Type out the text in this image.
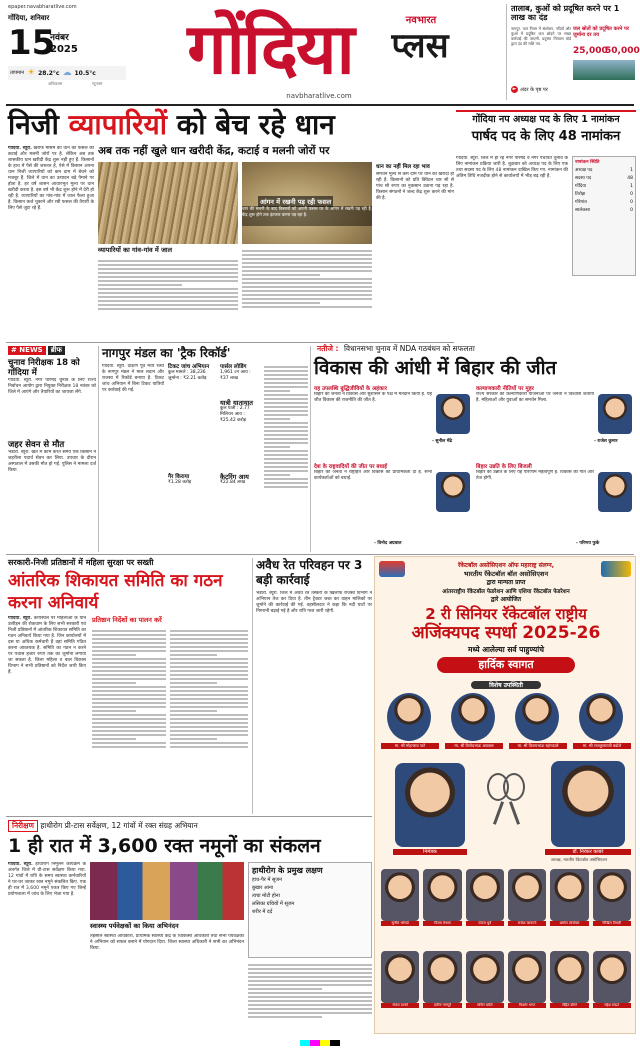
epaper.navabharatlive.com
गोंदिया, शनिवार
15
नवंबर
2025
तापमान ☀ 28.2°c ☁ 10.5°c
अधिकतम	न्यूनतम	गोंदिया	नवभारत
प्लस
navbharatlive.com
तालाब, कुओं को प्रदूषित करने पर 1 लाख का दंड
नागपुर. जल नियम में संशोधन, नदियों और कुओं में प्रदूषित जल छोड़ने पर सख्त कार्रवाई की जाएगी. प्रदूषण नियंत्रण बोर्ड द्वारा दंड की राशि तय.
जल स्रोतों को प्रदूषित करने पर जुर्माना दर तय
25,000
50,000
► अंदर के पृष्ठ पर
गोंदिया नप अध्यक्ष पद के लिए 1 नामांकन
पार्षद पद के लिए 48 नामांकन
गोंदिया. ब्यूरो. जिले में हो रहे नगर परिषद व नगर पंचायत चुनाव के लिए नामांकन प्रक्रिया जारी है. शुक्रवार को अध्यक्ष पद के लिए एक तथा सदस्य पद के लिए 48 नामांकन दाखिल किए गए. नामांकन की अंतिम तिथि नजदीक होने से कार्यालयों में भीड़ बढ़ रही है.
नामांकन स्थिति
अध्यक्ष पद	1
सदस्य पद	48
गोंदिया	1
तिरोड़ा	0
गोरेगांव	0
सालेकसा	0
निजी व्यापारियों को बेच रहे धान
अब तक नहीं खुले धान खरीदी केंद्र, कटाई व मलनी जोरों पर
गोंदिया. ब्यूरो. खरीफ मौसम की धान की फसल की कटाई और मलनी जोरों पर है. लेकिन अब तक शासकीय धान खरीदी केंद्र शुरू नहीं हुए हैं. किसानों के हाथ में पैसे की जरूरत है, ऐसे में किसान अपना धान निजी व्यापारियों को कम दाम में बेचने को मजबूर हैं. जिले में धान का उत्पादन बड़े पैमाने पर होता है. हर वर्ष शासन आधारभूत मूल्य पर धान खरीदी करता है. इस वर्ष भी केंद्र शुरू होने में देरी हो रही है. व्यापारियों का गांव-गांव में जाल फैला हुआ है. किसान कर्ज चुकाने और रबी फसल की तैयारी के लिए पैसे जुटा रहे हैं.
व्यापारियों का गांव-गांव में जाल
आंगन में रखनी पड़ रही फसल
धान की मलनी के बाद किसानों को अपनी फसल घर के आंगन में रखनी पड़ रही है. केंद्र शुरू होने तक इंतजार करना पड़ रहा है.
धान का नहीं मिल रहा भाव
समर्थन मूल्य से कम दाम पर धान की खरीदी हो रही है. किसानों को प्रति क्विंटल चार सौ से पांच सौ रुपए का नुकसान उठाना पड़ रहा है. किसान संगठनों ने जल्द केंद्र शुरू करने की मांग की है.
# NEWS	ब्रीफ
चुनाव निरीक्षक 18 को गोंदिया में
गोंदिया. ब्यूरो. नगर परिषद चुनाव के लिए राज्य निर्वाचन आयोग द्वारा नियुक्त निरीक्षक 18 नवंबर को जिले में आएंगे और तैयारियों का जायजा लेंगे.
जहर सेवन से मौत
भंडारा. ब्यूरो. खेत में काम करते समय एक किसान ने जहरीला पदार्थ सेवन कर लिया. उपचार के दौरान अस्पताल में उसकी मौत हो गई. पुलिस ने मामला दर्ज किया.
नागपुर मंडल का 'ट्रैक रिकॉर्ड'
गोंदिया. ब्यूरो. दक्षिण पूर्व मध्य रेलवे के नागपुर मंडल ने माल लदान और राजस्व में रिकॉर्ड बनाया है. टिकट जांच अभियान में बिना टिकट यात्रियों पर कार्रवाई की गई.
टिकट जांच अभियान
कुल मामले : 38,236 जुर्माना : ₹2.21 करोड़
पार्सल लोडिंग
1,961 टन आय : ₹37 लाख
यात्री यातायात
कुल यात्री : 2.77 मिलियन आय : ₹25.42 करोड़
कैटरिंग आय
₹22.84 लाख
गैर किराया
₹1.28 करोड़
नतीजे : विधानसभा चुनाव में NDA गठबंधन को सफलता
विकास की आंधी में बिहार की जीत
यह उपलब्धि बुद्धिजीवियों के अहंकार
बिहार की जनता ने विकास और सुशासन के पक्ष में मतदान किया है. यह जीत विकास की राजनीति की जीत है.
- सुनील मेंढे
कल्याणकारी नीतियों पर मुहर
राज्य सरकार की कल्याणकारी योजनाओं पर जनता ने विश्वास जताया है. महिलाओं और युवाओं का समर्थन मिला.
- राजेश कुमार
देश के राष्ट्रवादियों की जीत पर बधाई
बिहार की जनता ने राष्ट्रहित और विकास को प्राथमिकता दी है. सभी कार्यकर्ताओं को बधाई.
- विनोद अग्रवाल
बिहार उन्नति के लिए बिजली
बिहार की उन्नति के लिए यह परिणाम महत्वपूर्ण है. विकास की गति और तेज होगी.
- परिणय फुके
सरकारी-निजी प्रतिष्ठानों में महिला सुरक्षा पर सख्ती
आंतरिक शिकायत समिति का गठन करना अनिवार्य
गोंदिया. ब्यूरो. कार्यस्थल पर महिलाओं के यौन उत्पीड़न की रोकथाम के लिए सभी सरकारी एवं निजी प्रतिष्ठानों में आंतरिक शिकायत समिति का गठन अनिवार्य किया गया है. जिन कार्यालयों में दस या अधिक कर्मचारी हैं वहां समिति गठित करना आवश्यक है. समिति का गठन न करने पर पचास हजार रुपए तक का जुर्माना लगाया जा सकता है. जिला महिला व बाल विकास विभाग ने सभी प्रतिष्ठानों को निर्देश जारी किए हैं.
प्रतिष्ठान निर्देशों का पालन करें
अवैध रेत परिवहन पर 3 बड़ी कार्रवाई
भंडारा. ब्यूरो. जिले में अवैध रेत तस्करी के खिलाफ राजस्व विभाग ने अभियान तेज कर दिया है. तीन ट्रैक्टर जब्त कर वाहन मालिकों पर जुर्माने की कार्रवाई की गई. तहसीलदार ने कहा कि नदी घाटों पर निगरानी बढ़ाई गई है और रात्रि गश्त जारी रहेगी.
रॅकेटबॉल असोसिएशन ऑफ महाराष्ट्र संलग्न,
भारतीय रॅकेटबॉल बॉल असोसिएशन
द्वारा मान्यता प्राप्त
आंतरराष्ट्रीय रॅकेटबॉल फेडरेशन आणि एशिया रॅकेटबॉल फेडरेशन
द्वारे आयोजित
2 री सिनियर रॅकेटबॉल राष्ट्रीय
अजिंक्यपद स्पर्धा 2025-26
मध्ये आलेल्या सर्व पाहुण्यांचे
हार्दिक स्वागत
विशेष उपस्थिती
मा. श्री मोहनराव पाटे	मा. श्री विनोदभाऊ अग्रवाल	मा. श्री विजयभाऊ रहांगडाले	मा. श्री राजकुमारजी बडोले
निमंत्रक	डॉ. निरंकर काबरे
अध्यक्ष, भारतीय रॅकेटबॉल असोसिएशन
सुनील भोगाडे	विजय मेश्राम	पंकज धुर्वे	राजेश कापगते	अमोल लांजेवार	निखिल तिवारी
संजय ठाकरे	प्रवीण नागपुरे	सचिन बघेले	किशोर भगत	रोहित डोंगरे	महेश राऊत
निरीक्षण हाथीरोग प्री-टास सर्वेक्षण, 12 गांवों में रक्त संग्रह अभियान
1 ही रात में 3,600 रक्त नमूनों का संकलन
गोंदिया. ब्यूरो. हाथीरोग निर्मूलन कार्यक्रम के अंतर्गत जिले में प्री-टास सर्वेक्षण किया गया. 12 गांवों में रात्रि के समय स्वास्थ्य कर्मचारियों ने घर-घर जाकर रक्त नमूने संकलित किए. एक ही रात में 3,600 नमूने एकत्र किए गए जिन्हें प्रयोगशाला में जांच के लिए भेजा गया है.
स्वास्थ्य पर्यवेक्षकों का किया अभिनंदन
तहसील स्वास्थ्य अधिकारी, प्राथमिक स्वास्थ्य केंद्र के चिकित्सा अधिकारी तथा सभी पर्यवेक्षकों ने अभियान को सफल बनाने में योगदान दिया. जिला स्वास्थ्य अधिकारी ने सभी का अभिनंदन किया.
हाथीरोग के प्रमुख लक्षण
हाथ-पैर में सूजन
बुखार आना
त्वचा मोटी होना
लसिका ग्रंथियों में सूजन
शरीर में दर्द
